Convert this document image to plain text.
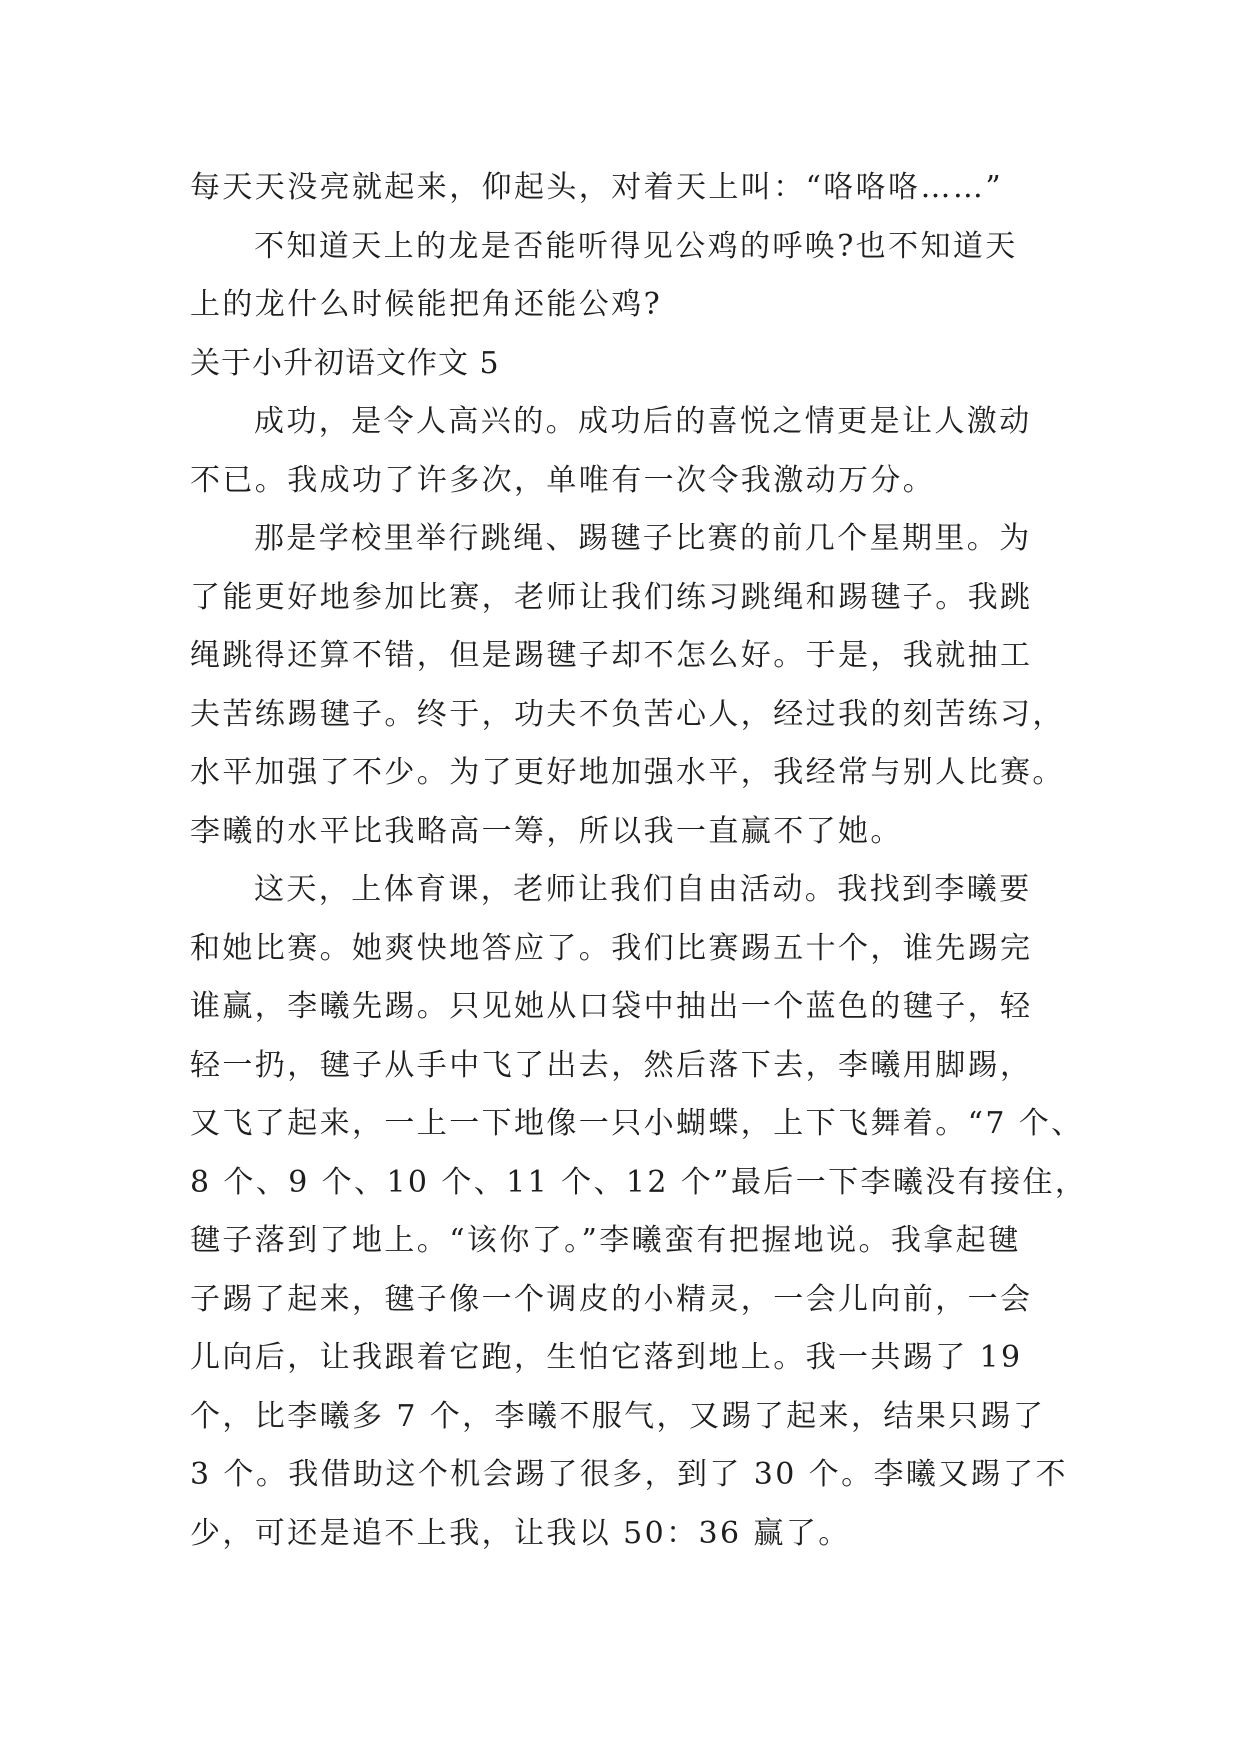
每天天没亮就起来，仰起头，对着天上叫：“咯咯咯……”
不知道天上的龙是否能听得见公鸡的呼唤?也不知道天
上的龙什么时候能把角还能公鸡?
关于小升初语文作文 5
成功，是令人高兴的。成功后的喜悦之情更是让人激动
不已。我成功了许多次，单唯有一次令我激动万分。
那是学校里举行跳绳、踢毽子比赛的前几个星期里。为
了能更好地参加比赛，老师让我们练习跳绳和踢毽子。我跳
绳跳得还算不错，但是踢毽子却不怎么好。于是，我就抽工
夫苦练踢毽子。终于，功夫不负苦心人，经过我的刻苦练习，
水平加强了不少。为了更好地加强水平，我经常与别人比赛。
李曦的水平比我略高一筹，所以我一直赢不了她。
这天，上体育课，老师让我们自由活动。我找到李曦要
和她比赛。她爽快地答应了。我们比赛踢五十个，谁先踢完
谁赢，李曦先踢。只见她从口袋中抽出一个蓝色的毽子，轻
轻一扔，毽子从手中飞了出去，然后落下去，李曦用脚踢，
又飞了起来，一上一下地像一只小蝴蝶，上下飞舞着。“7 个、
8 个、9 个、10 个、11 个、12 个”最后一下李曦没有接住，
毽子落到了地上。“该你了。”李曦蛮有把握地说。我拿起毽
子踢了起来，毽子像一个调皮的小精灵，一会儿向前，一会
儿向后，让我跟着它跑，生怕它落到地上。我一共踢了 19
个，比李曦多 7 个，李曦不服气，又踢了起来，结果只踢了
3 个。我借助这个机会踢了很多，到了 30 个。李曦又踢了不
少，可还是追不上我，让我以 50：36 赢了。
